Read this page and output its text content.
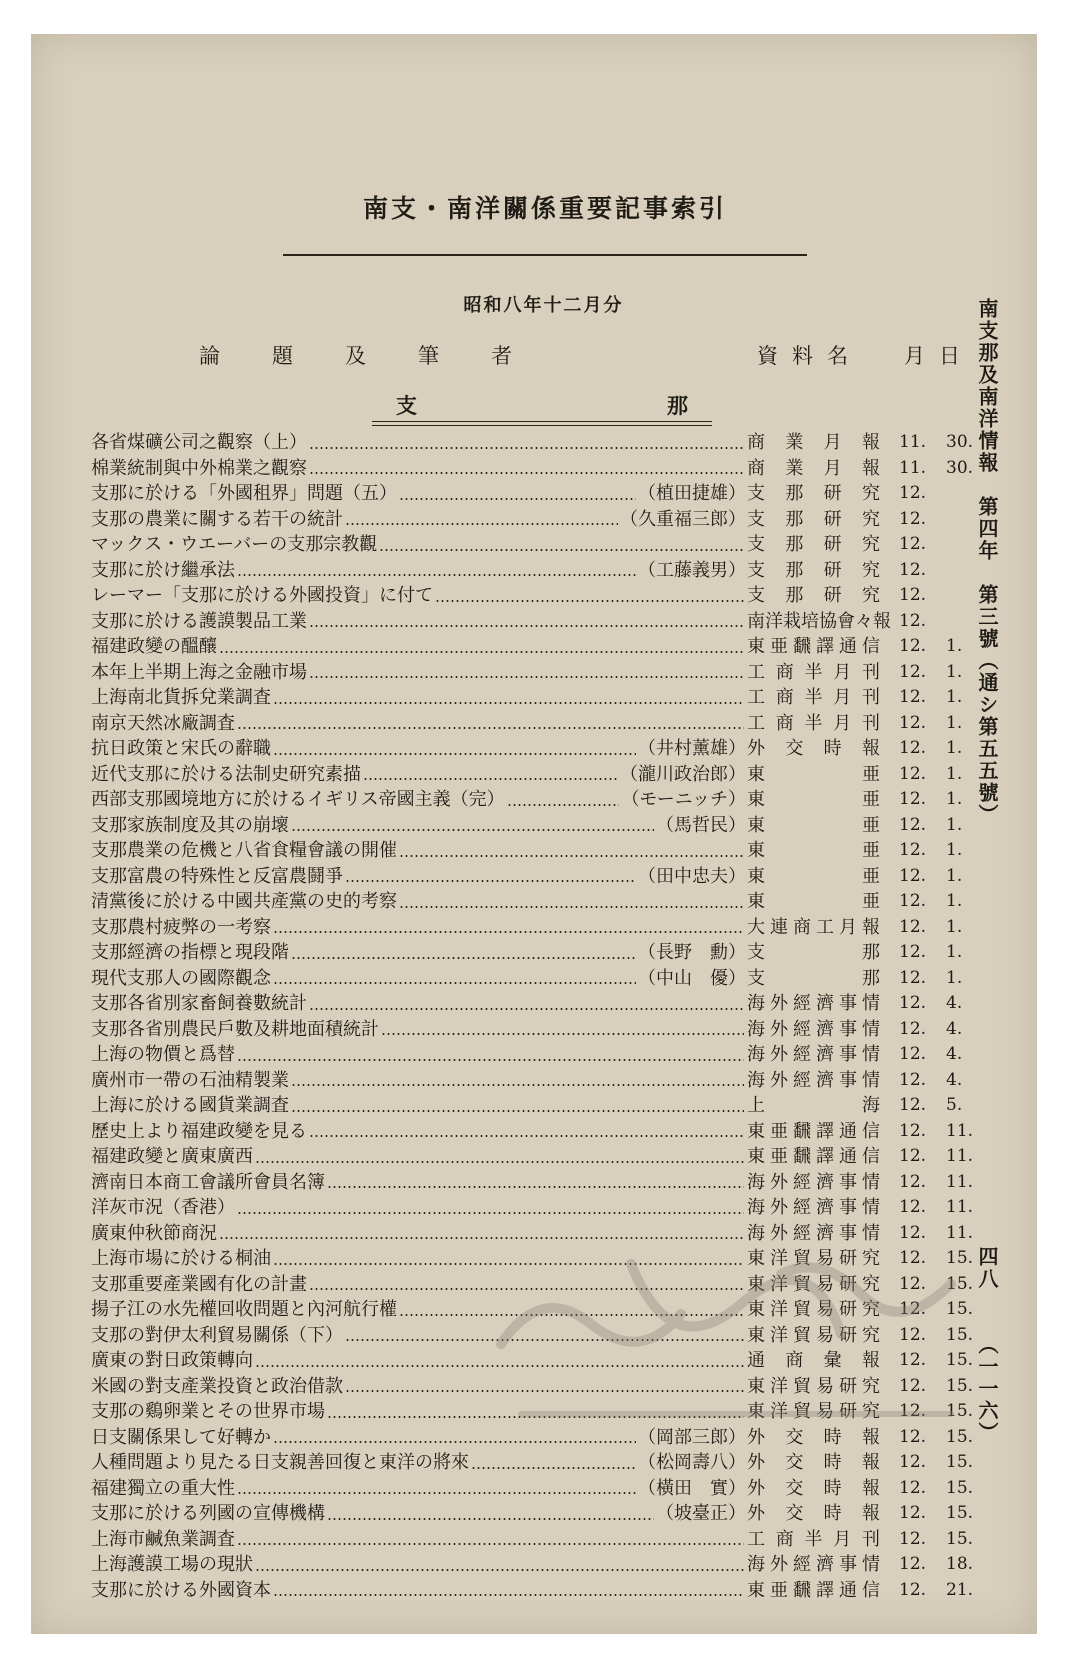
南支・南洋關係重要記事索引
昭和八年十二月分
論題及筆者	資料名 月日
支	那
各省煤礦公司之觀察（上）	商業月報 11. 30.
棉業統制與中外棉業之觀察	商業月報 11. 30.
支那に於ける「外國租界」問題（五）	（植田捷雄） 支那研究 12.
支那の農業に關する若干の統計	（久重福三郎） 支那研究 12.
マックス・ウエーバーの支那宗教觀	支那研究 12.
支那に於け繼承法	（工藤義男） 支那研究 12.
レーマー「支那に於ける外國投資」に付て	支那研究 12.
支那に於ける護謨製品工業	南洋栽培協會々報 12.
福建政變の醞釀	東亜飜譯通信 12. 1.
本年上半期上海之金融市場	工商半月刊 12. 1.
上海南北貨拆兌業調査	工商半月刊 12. 1.
南京天然冰廠調査	工商半月刊 12. 1.
抗日政策と宋氏の辭職	（井村薰雄） 外交時報 12. 1.
近代支那に於ける法制史研究素描	（瀧川政治郎） 東亜 12. 1.
西部支那國境地方に於けるイギリス帝國主義（完）	（モーニッチ） 東亜 12. 1.
支那家族制度及其の崩壞	（馬哲民） 東亜 12. 1.
支那農業の危機と八省食糧會議の開催	東亜 12. 1.
支那富農の特殊性と反富農鬪爭	（田中忠夫） 東亜 12. 1.
清黨後に於ける中國共產黨の史的考察	東亜 12. 1.
支那農村疲弊の一考察	大連商工月報 12. 1.
支那經濟の指標と現段階	（長野　勳） 支那 12. 1.
現代支那人の國際觀念	（中山　優） 支那 12. 1.
支那各省別家畜飼養數統計	海外經濟事情 12. 4.
支那各省別農民戶數及耕地面積統計	海外經濟事情 12. 4.
上海の物價と爲替	海外經濟事情 12. 4.
廣州市一帶の石油精製業	海外經濟事情 12. 4.
上海に於ける國貨業調査	上海 12. 5.
歷史上より福建政變を見る	東亜飜譯通信 12. 11.
福建政變と廣東廣西	東亜飜譯通信 12. 11.
濟南日本商工會議所會員名簿	海外經濟事情 12. 11.
洋灰市況（香港）	海外經濟事情 12. 11.
廣東仲秋節商況	海外經濟事情 12. 11.
上海市場に於ける桐油	東洋貿易研究 12. 15.
支那重要產業國有化の計畫	東洋貿易研究 12. 15.
揚子江の水先權回收問題と內河航行權	東洋貿易研究 12. 15.
支那の對伊太利貿易關係（下）	東洋貿易研究 12. 15.
廣東の對日政策轉向	通商彙報 12. 15.
米國の對支產業投資と政治借款	東洋貿易研究 12. 15.
支那の鷄卵業とその世界市場	東洋貿易研究 12. 15.
日支關係果して好轉か	（岡部三郎） 外交時報 12. 15.
人種問題より見たる日支親善回復と東洋の將來	（松岡壽八） 外交時報 12. 15.
福建獨立の重大性	（橫田　實） 外交時報 12. 15.
支那に於ける列國の宣傳機構	（坡臺正） 外交時報 12. 15.
上海市鹹魚業調査	工商半月刊 12. 15.
上海護謨工場の現狀	海外經濟事情 12. 18.
支那に於ける外國資本	東亜飜譯通信 12. 21.
南支那及南洋情報
第四年　第三號（通シ第五五號）
四八
（一一六）
